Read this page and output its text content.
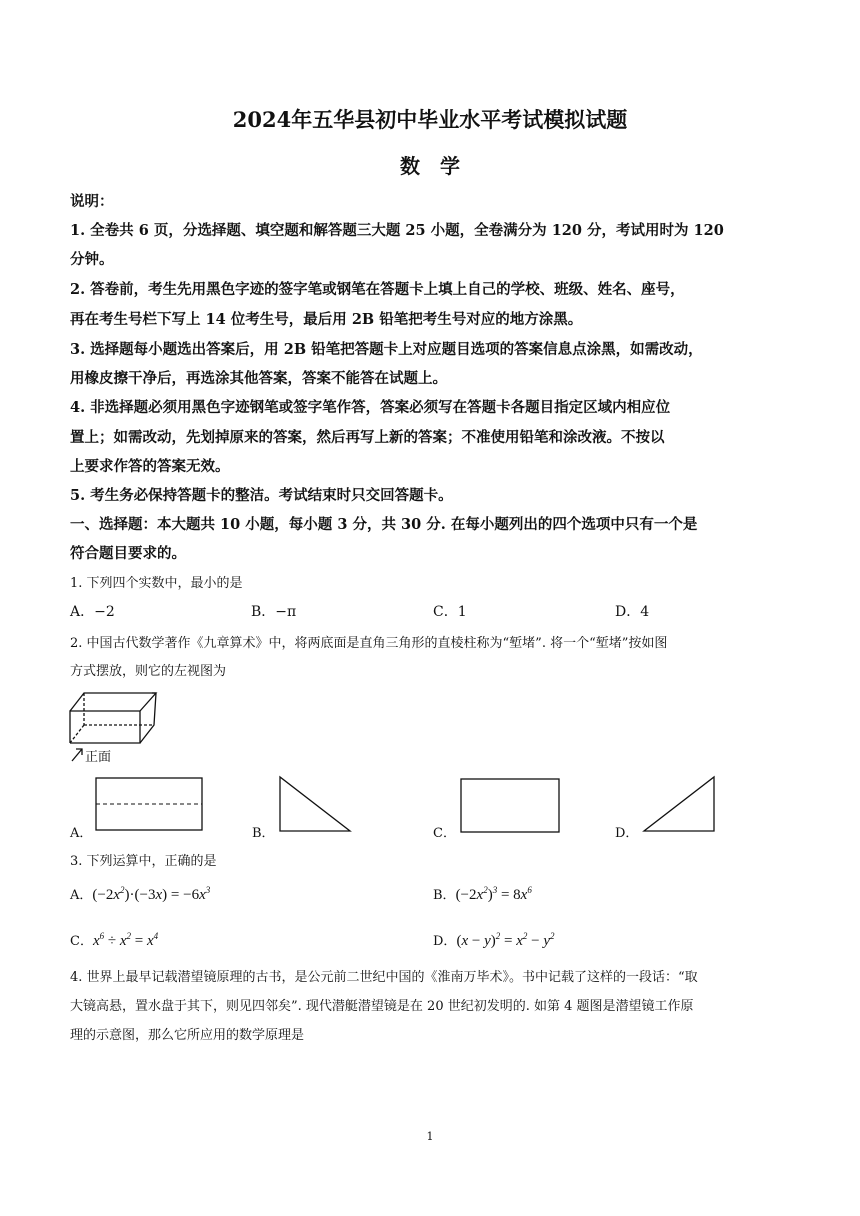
2024年五华县初中毕业水平考试模拟试题
数　学
说明：
1. 全卷共 6 页，分选择题、填空题和解答题三大题 25 小题，全卷满分为 120 分，考试用时为 120
分钟。
2. 答卷前，考生先用黑色字迹的签字笔或钢笔在答题卡上填上自己的学校、班级、姓名、座号，
再在考生号栏下写上 14 位考生号，最后用 2B 铅笔把考生号对应的地方涂黑。
3. 选择题每小题选出答案后，用 2B 铅笔把答题卡上对应题目选项的答案信息点涂黑，如需改动，
用橡皮擦干净后，再选涂其他答案，答案不能答在试题上。
4. 非选择题必须用黑色字迹钢笔或签字笔作答，答案必须写在答题卡各题目指定区域内相应位
置上；如需改动，先划掉原来的答案，然后再写上新的答案；不准使用铅笔和涂改液。不按以
上要求作答的答案无效。
5. 考生务必保持答题卡的整洁。考试结束时只交回答题卡。
一、选择题：本大题共 10 小题，每小题 3 分，共 30 分. 在每小题列出的四个选项中只有一个是
符合题目要求的。
1. 下列四个实数中，最小的是
A．−2	B．−π	C．1	D．4
2. 中国古代数学著作《九章算术》中，将两底面是直角三角形的直棱柱称为“堑堵”. 将一个“堑堵”按如图
方式摆放，则它的左视图为
正面
A．	B．	C．	D．
3. 下列运算中，正确的是
A．$(-2x^2)\cdot(-3x) = -6x^3$	B．$(-2x^2)^3 = 8x^6$
C．$x^6 \div x^2 = x^4$	D．$(x - y)^2 = x^2 - y^2$
4. 世界上最早记载潜望镜原理的古书，是公元前二世纪中国的《淮南万毕术》。书中记载了这样的一段话：“取
大镜高悬，置水盘于其下，则见四邻矣”. 现代潜艇潜望镜是在 20 世纪初发明的. 如第 4 题图是潜望镜工作原
理的示意图，那么它所应用的数学原理是
1
